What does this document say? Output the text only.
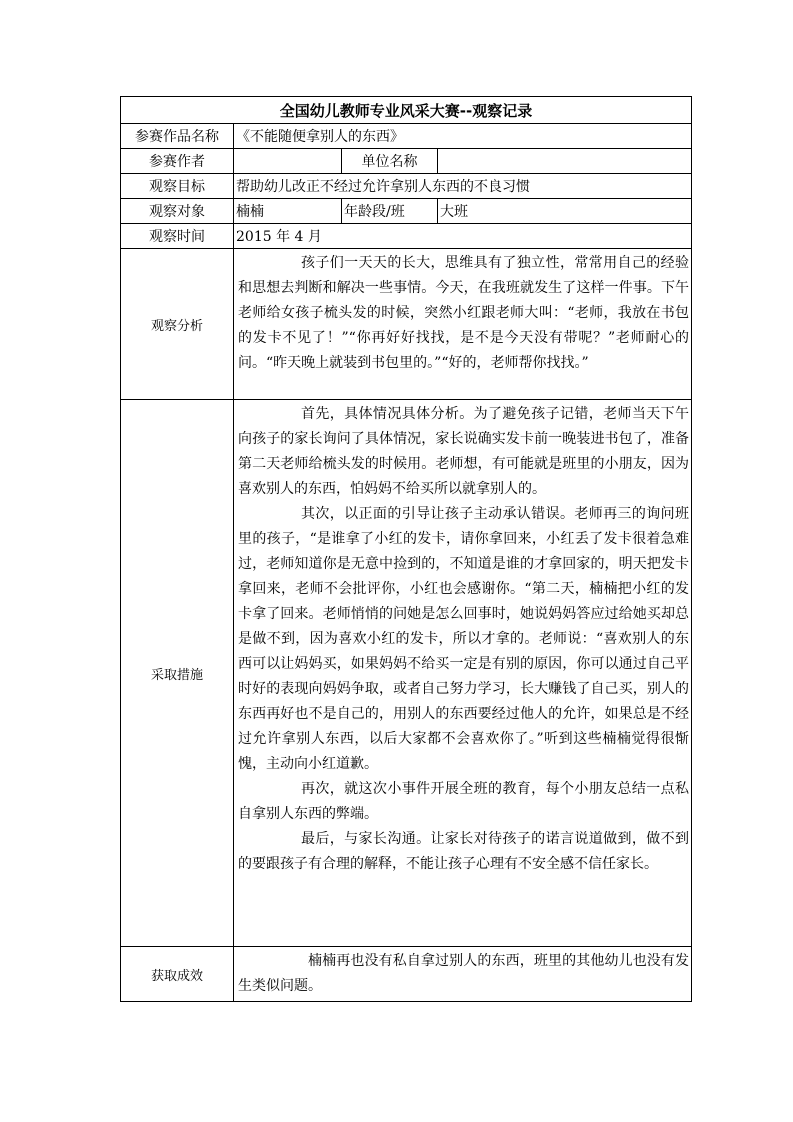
全国幼儿教师专业风采大赛--观察记录			
参赛作品名称	《不能随便拿别人的东西》		
参赛作者		单位名称	
观察目标	帮助幼儿改正不经过允许拿别人东西的不良习惯		
观察对象	楠楠	年龄段/班	大班
观察时间	2015 年 4 月		
观察分析	孩子们一天天的长大，思维具有了独立性，常常用自己的经验和思想去判断和解决一些事情。今天，在我班就发生了这样一件事。下午老师给女孩子梳头发的时候，突然小红跟老师大叫：“老师，我放在书包的发卡不见了！”“你再好好找找，是不是今天没有带呢？”老师耐心的问。“昨天晚上就装到书包里的。”“好的，老师帮你找找。”		

采取措施	首先，具体情况具体分析。为了避免孩子记错，老师当天下午向孩子的家长询问了具体情况，家长说确实发卡前一晚装进书包了，准备第二天老师给梳头发的时候用。老师想，有可能就是班里的小朋友，因为喜欢别人的东西，怕妈妈不给买所以就拿别人的。

其次，以正面的引导让孩子主动承认错误。老师再三的询问班里的孩子，“是谁拿了小红的发卡，请你拿回来，小红丢了发卡很着急难过，老师知道你是无意中捡到的，不知道是谁的才拿回家的，明天把发卡拿回来，老师不会批评你，小红也会感谢你。“第二天，楠楠把小红的发卡拿了回来。老师悄悄的问她是怎么回事时，她说妈妈答应过给她买却总是做不到，因为喜欢小红的发卡，所以才拿的。老师说：“喜欢别人的东西可以让妈妈买，如果妈妈不给买一定是有别的原因，你可以通过自己平时好的表现向妈妈争取，或者自己努力学习，长大赚钱了自己买，别人的东西再好也不是自己的，用别人的东西要经过他人的允许，如果总是不经过允许拿别人东西，以后大家都不会喜欢你了。”听到这些楠楠觉得很惭愧，主动向小红道歉。

再次，就这次小事件开展全班的教育，每个小朋友总结一点私自拿别人东西的弊端。

最后，与家长沟通。让家长对待孩子的诺言说道做到，做不到的要跟孩子有合理的解释，不能让孩子心理有不安全感不信任家长。		

获取成效	楠楠再也没有私自拿过别人的东西，班里的其他幼儿也没有发生类似问题。		
